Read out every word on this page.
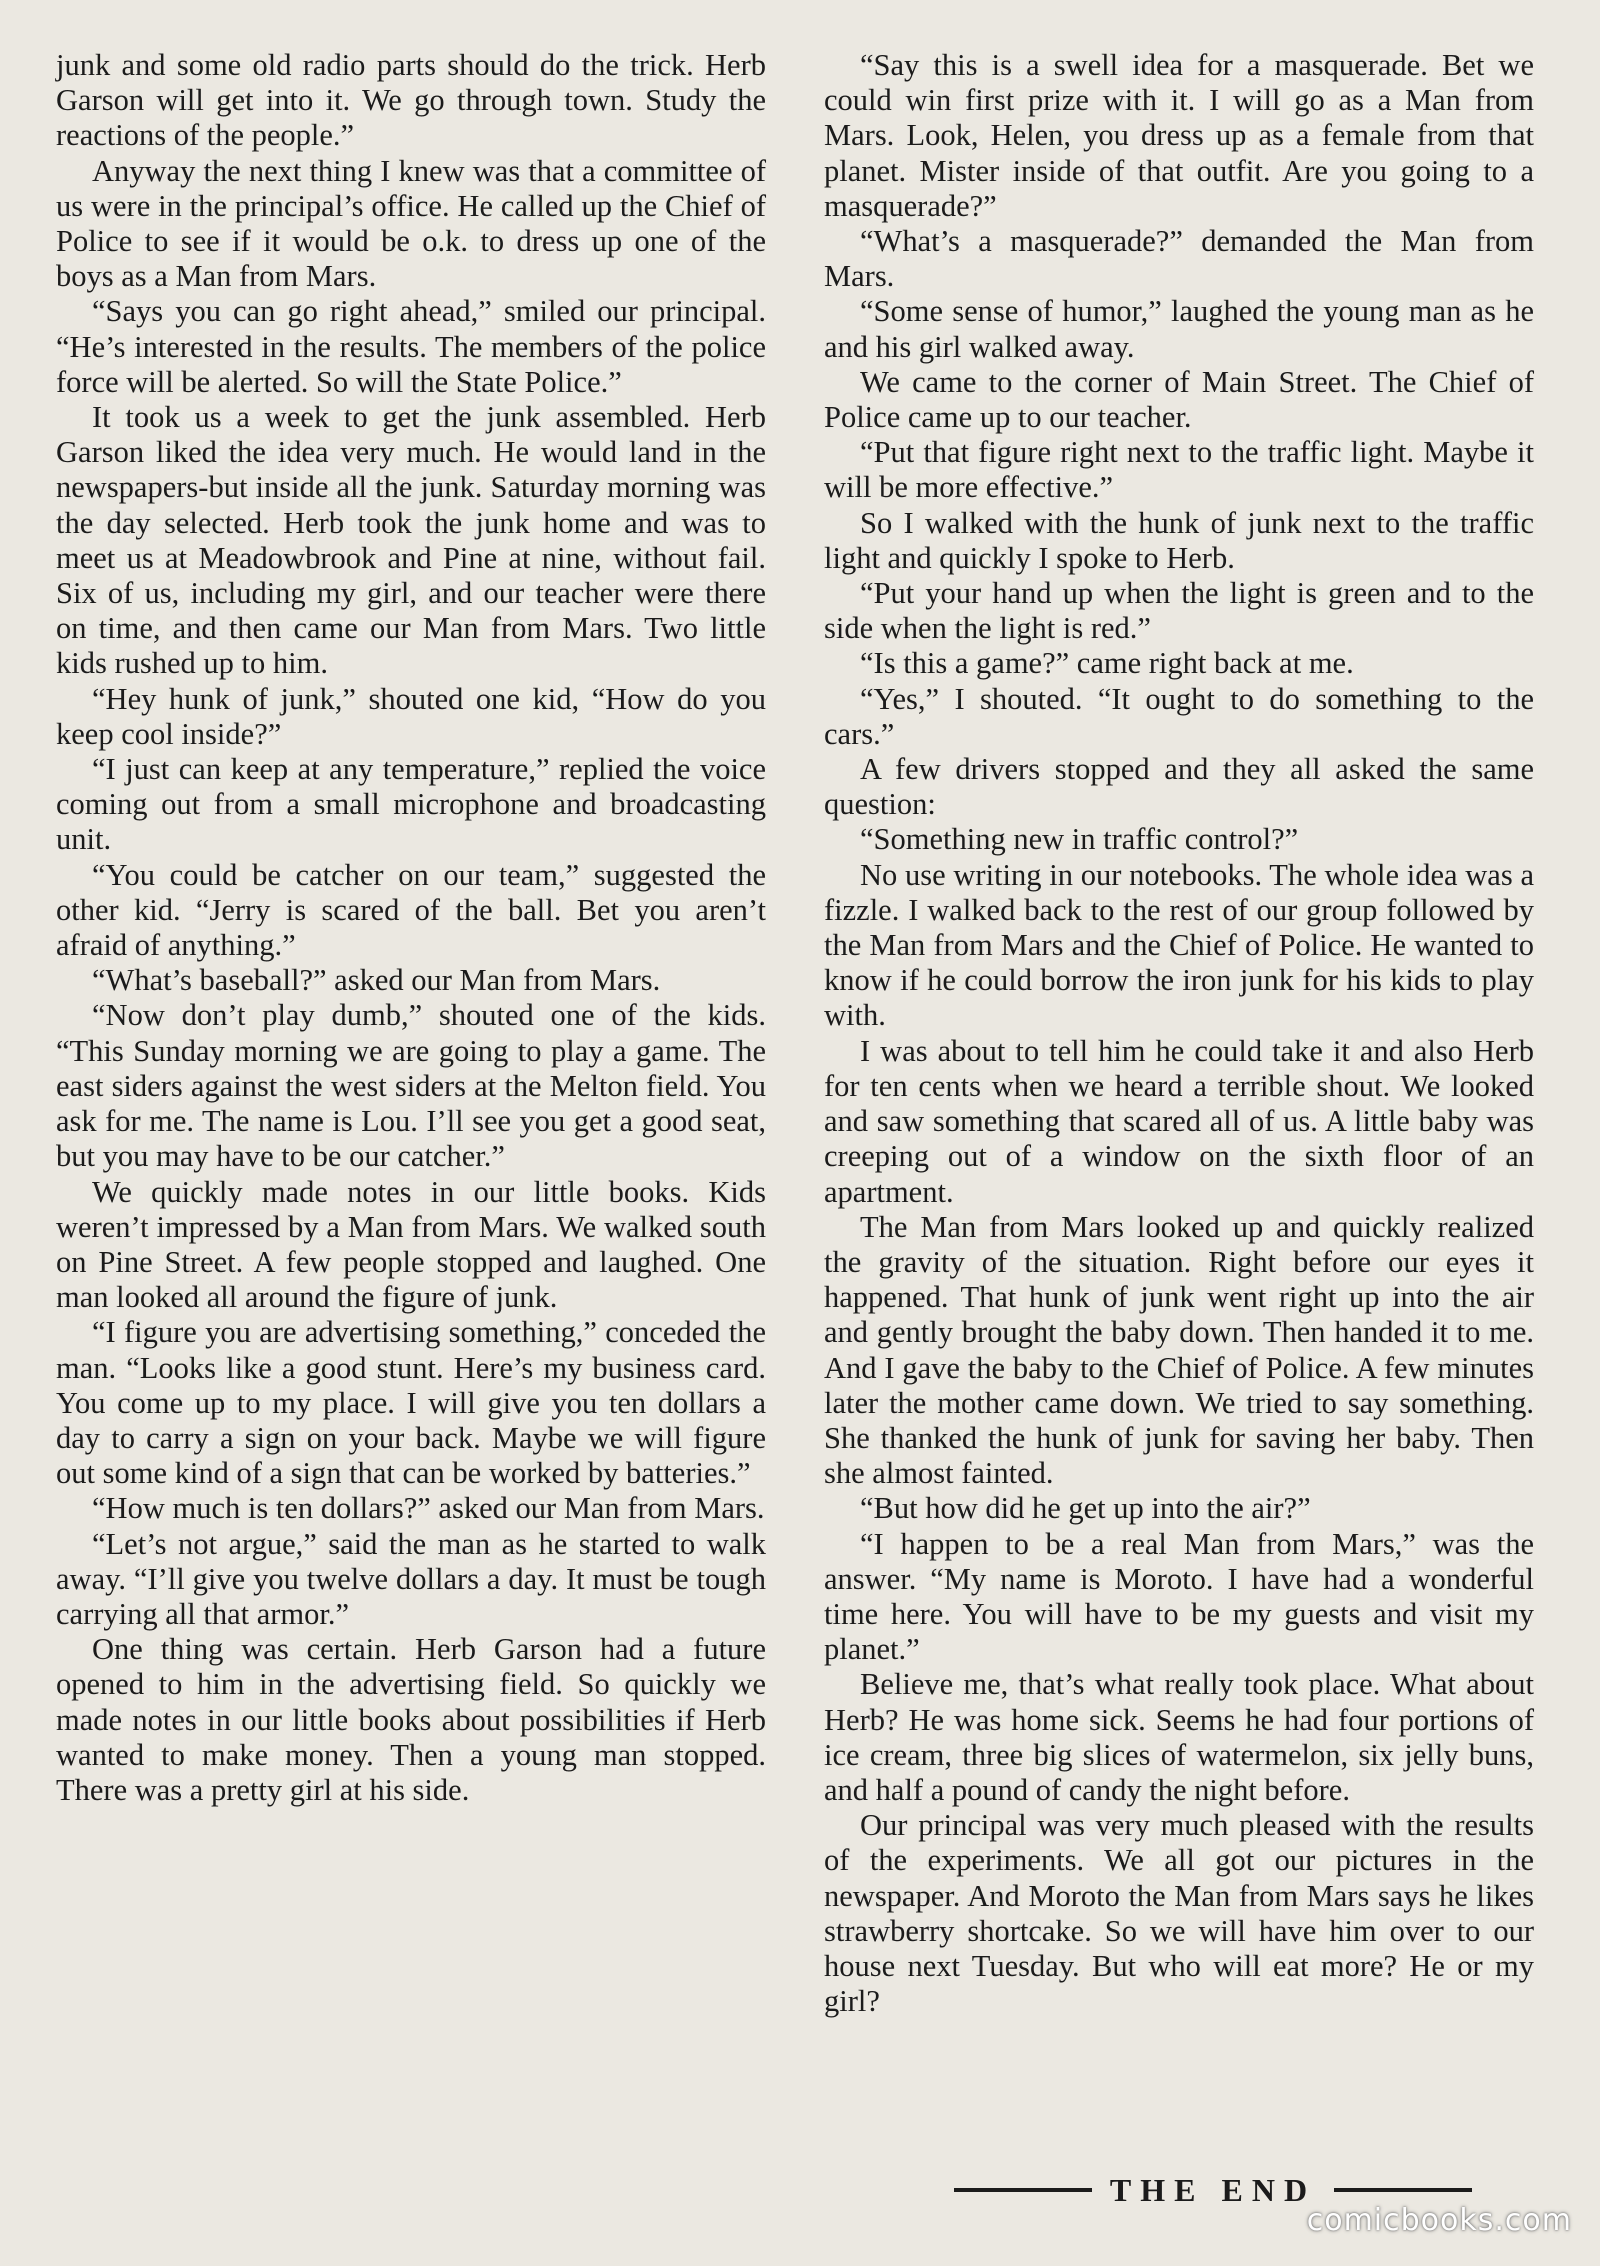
junk and some old radio parts should do the trick. Herb Garson will get into it. We go through town. Study the reactions of the people.”

Anyway the next thing I knew was that a committee of us were in the principal’s office. He called up the Chief of Police to see if it would be o.k. to dress up one of the boys as a Man from Mars.

“Says you can go right ahead,” smiled our principal. “He’s interested in the results. The members of the police force will be alerted. So will the State Police.”

It took us a week to get the junk assembled. Herb Garson liked the idea very much. He would land in the newspapers-but inside all the junk. Saturday morning was the day selected. Herb took the junk home and was to meet us at Meadowbrook and Pine at nine, without fail. Six of us, including my girl, and our teacher were there on time, and then came our Man from Mars. Two little kids rushed up to him.

“Hey hunk of junk,” shouted one kid, “How do you keep cool inside?”

“I just can keep at any temperature,” replied the voice coming out from a small microphone and broadcasting unit.

“You could be catcher on our team,” suggested the other kid. “Jerry is scared of the ball. Bet you aren’t afraid of anything.”

“What’s baseball?” asked our Man from Mars.

“Now don’t play dumb,” shouted one of the kids. “This Sunday morning we are going to play a game. The east siders against the west siders at the Melton field. You ask for me. The name is Lou. I’ll see you get a good seat, but you may have to be our catcher.”

We quickly made notes in our little books. Kids weren’t impressed by a Man from Mars. We walked south on Pine Street. A few people stopped and laughed. One man looked all around the figure of junk.

“I figure you are advertising something,” conceded the man. “Looks like a good stunt. Here’s my business card. You come up to my place. I will give you ten dollars a day to carry a sign on your back. Maybe we will figure out some kind of a sign that can be worked by batteries.”

“How much is ten dollars?” asked our Man from Mars.

“Let’s not argue,” said the man as he started to walk away. “I’ll give you twelve dollars a day. It must be tough carrying all that armor.”

One thing was certain. Herb Garson had a future opened to him in the advertising field. So quickly we made notes in our little books about possibilities if Herb wanted to make money. Then a young man stopped. There was a pretty girl at his side.

“Say this is a swell idea for a masquerade. Bet we could win first prize with it. I will go as a Man from Mars. Look, Helen, you dress up as a female from that planet. Mister inside of that outfit. Are you going to a masquerade?”

“What’s a masquerade?” demanded the Man from Mars.

“Some sense of humor,” laughed the young man as he and his girl walked away.

We came to the corner of Main Street. The Chief of Police came up to our teacher.

“Put that figure right next to the traffic light. Maybe it will be more effective.”

So I walked with the hunk of junk next to the traffic light and quickly I spoke to Herb.

“Put your hand up when the light is green and to the side when the light is red.”

“Is this a game?” came right back at me.

“Yes,” I shouted. “It ought to do something to the cars.”

A few drivers stopped and they all asked the same question:

“Something new in traffic control?”

No use writing in our notebooks. The whole idea was a fizzle. I walked back to the rest of our group followed by the Man from Mars and the Chief of Police. He wanted to know if he could borrow the iron junk for his kids to play with.

I was about to tell him he could take it and also Herb for ten cents when we heard a terrible shout. We looked and saw something that scared all of us. A little baby was creeping out of a window on the sixth floor of an apartment.

The Man from Mars looked up and quickly realized the gravity of the situation. Right before our eyes it happened. That hunk of junk went right up into the air and gently brought the baby down. Then handed it to me. And I gave the baby to the Chief of Police. A few minutes later the mother came down. We tried to say something. She thanked the hunk of junk for saving her baby. Then she almost fainted.

“But how did he get up into the air?”

“I happen to be a real Man from Mars,” was the answer. “My name is Moroto. I have had a wonderful time here. You will have to be my guests and visit my planet.”

Believe me, that’s what really took place. What about Herb? He was home sick. Seems he had four portions of ice cream, three big slices of watermelon, six jelly buns, and half a pound of candy the night before.

Our principal was very much pleased with the results of the experiments. We all got our pictures in the newspaper. And Moroto the Man from Mars says he likes strawberry shortcake. So we will have him over to our house next Tuesday. But who will eat more? He or my girl?

THE END
comicbooks.com
